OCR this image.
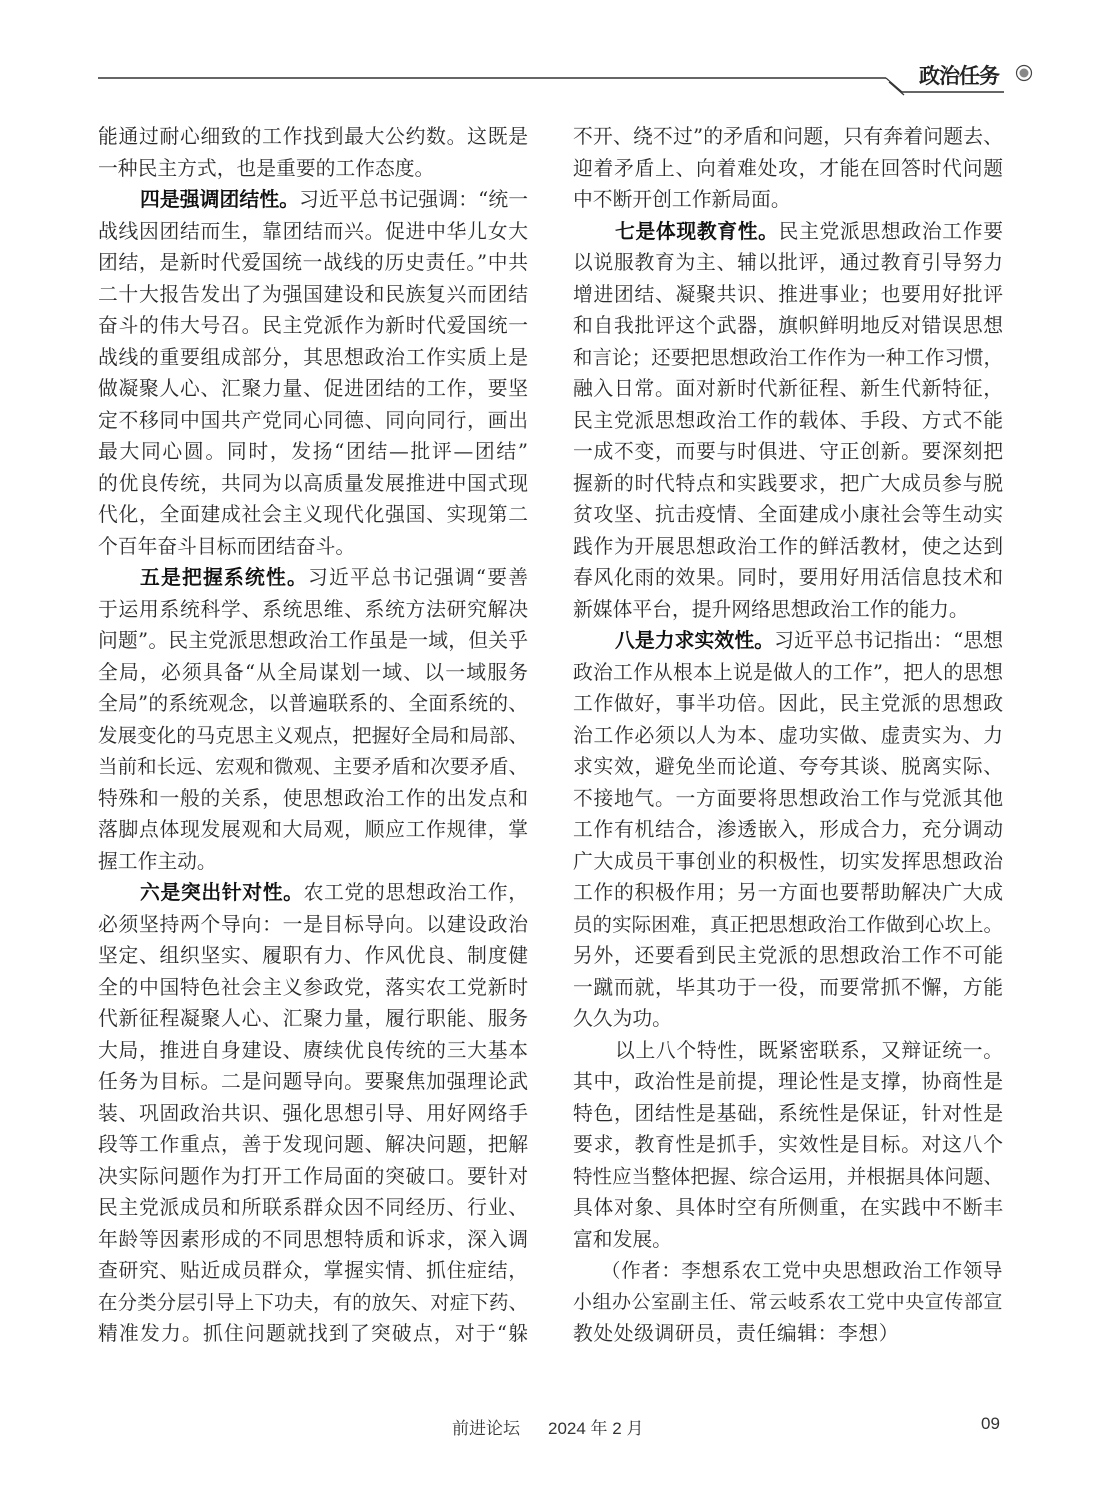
政治任务
能通过耐心细致的工作找到最大公约数。这既是
一种民主方式，也是重要的工作态度。
四是强调团结性。习近平总书记强调：“统一
战线因团结而生，靠团结而兴。促进中华儿女大
团结，是新时代爱国统一战线的历史责任。”中共
二十大报告发出了为强国建设和民族复兴而团结
奋斗的伟大号召。民主党派作为新时代爱国统一
战线的重要组成部分，其思想政治工作实质上是
做凝聚人心、汇聚力量、促进团结的工作，要坚
定不移同中国共产党同心同德、同向同行，画出
最大同心圆。同时，发扬“团结—批评—团结”
的优良传统，共同为以高质量发展推进中国式现
代化，全面建成社会主义现代化强国、实现第二
个百年奋斗目标而团结奋斗。
五是把握系统性。习近平总书记强调“要善
于运用系统科学、系统思维、系统方法研究解决
问题”。民主党派思想政治工作虽是一域，但关乎
全局，必须具备“从全局谋划一域、以一域服务
全局”的系统观念，以普遍联系的、全面系统的、
发展变化的马克思主义观点，把握好全局和局部、
当前和长远、宏观和微观、主要矛盾和次要矛盾、
特殊和一般的关系，使思想政治工作的出发点和
落脚点体现发展观和大局观，顺应工作规律，掌
握工作主动。
六是突出针对性。农工党的思想政治工作，
必须坚持两个导向：一是目标导向。以建设政治
坚定、组织坚实、履职有力、作风优良、制度健
全的中国特色社会主义参政党，落实农工党新时
代新征程凝聚人心、汇聚力量，履行职能、服务
大局，推进自身建设、赓续优良传统的三大基本
任务为目标。二是问题导向。要聚焦加强理论武
装、巩固政治共识、强化思想引导、用好网络手
段等工作重点，善于发现问题、解决问题，把解
决实际问题作为打开工作局面的突破口。要针对
民主党派成员和所联系群众因不同经历、行业、
年龄等因素形成的不同思想特质和诉求，深入调
查研究、贴近成员群众，掌握实情、抓住症结，
在分类分层引导上下功夫，有的放矢、对症下药、
精准发力。抓住问题就找到了突破点，对于“躲
不开、绕不过”的矛盾和问题，只有奔着问题去、
迎着矛盾上、向着难处攻，才能在回答时代问题
中不断开创工作新局面。
七是体现教育性。民主党派思想政治工作要
以说服教育为主、辅以批评，通过教育引导努力
增进团结、凝聚共识、推进事业；也要用好批评
和自我批评这个武器，旗帜鲜明地反对错误思想
和言论；还要把思想政治工作作为一种工作习惯，
融入日常。面对新时代新征程、新生代新特征，
民主党派思想政治工作的载体、手段、方式不能
一成不变，而要与时俱进、守正创新。要深刻把
握新的时代特点和实践要求，把广大成员参与脱
贫攻坚、抗击疫情、全面建成小康社会等生动实
践作为开展思想政治工作的鲜活教材，使之达到
春风化雨的效果。同时，要用好用活信息技术和
新媒体平台，提升网络思想政治工作的能力。
八是力求实效性。习近平总书记指出：“思想
政治工作从根本上说是做人的工作”，把人的思想
工作做好，事半功倍。因此，民主党派的思想政
治工作必须以人为本、虚功实做、虚责实为、力
求实效，避免坐而论道、夸夸其谈、脱离实际、
不接地气。一方面要将思想政治工作与党派其他
工作有机结合，渗透嵌入，形成合力，充分调动
广大成员干事创业的积极性，切实发挥思想政治
工作的积极作用；另一方面也要帮助解决广大成
员的实际困难，真正把思想政治工作做到心坎上。
另外，还要看到民主党派的思想政治工作不可能
一蹴而就，毕其功于一役，而要常抓不懈，方能
久久为功。
以上八个特性，既紧密联系，又辩证统一。
其中，政治性是前提，理论性是支撑，协商性是
特色，团结性是基础，系统性是保证，针对性是
要求，教育性是抓手，实效性是目标。对这八个
特性应当整体把握、综合运用，并根据具体问题、
具体对象、具体时空有所侧重，在实践中不断丰
富和发展。
（作者：李想系农工党中央思想政治工作领导
小组办公室副主任、常云岐系农工党中央宣传部宣
教处处级调研员，责任编辑：李想）
前进论坛 2024 年 2 月	09
